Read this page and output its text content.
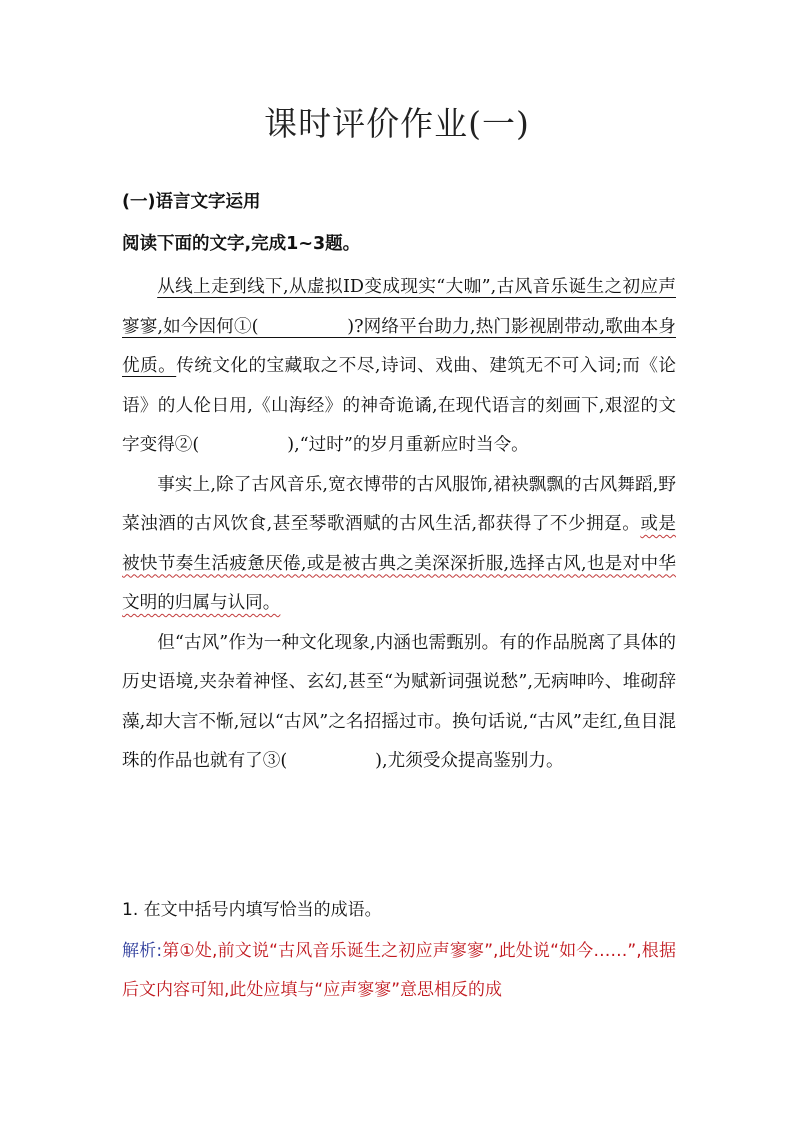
课时评价作业(一)
(一)语言文字运用
阅读下面的文字,完成1~3题。

从线上走到线下,从虚拟ID变成现实“大咖”,古风音乐诞生之初应声寥寥,如今因何①(　　　　　)?网络平台助力,热门影视剧带动,歌曲本身优质。传统文化的宝藏取之不尽,诗词、戏曲、建筑无不可入词;而《论语》的人伦日用,《山海经》的神奇诡谲,在现代语言的刻画下,艰涩的文字变得②(　　　　　),“过时”的岁月重新应时当令。

事实上,除了古风音乐,宽衣博带的古风服饰,裙袂飘飘的古风舞蹈,野菜浊酒的古风饮食,甚至琴歌酒赋的古风生活,都获得了不少拥趸。或是被快节奏生活疲惫厌倦,或是被古典之美深深折服,选择古风,也是对中华文明的归属与认同。

但“古风”作为一种文化现象,内涵也需甄别。有的作品脱离了具体的历史语境,夹杂着神怪、玄幻,甚至“为赋新词强说愁”,无病呻吟、堆砌辞藻,却大言不惭,冠以“古风”之名招摇过市。换句话说,“古风”走红,鱼目混珠的作品也就有了③(　　　　　),尤须受众提高鉴别力。

1. 在文中括号内填写恰当的成语。
解析:第①处,前文说“古风音乐诞生之初应声寥寥”,此处说“如今……”,根据后文内容可知,此处应填与“应声寥寥”意思相反的成
